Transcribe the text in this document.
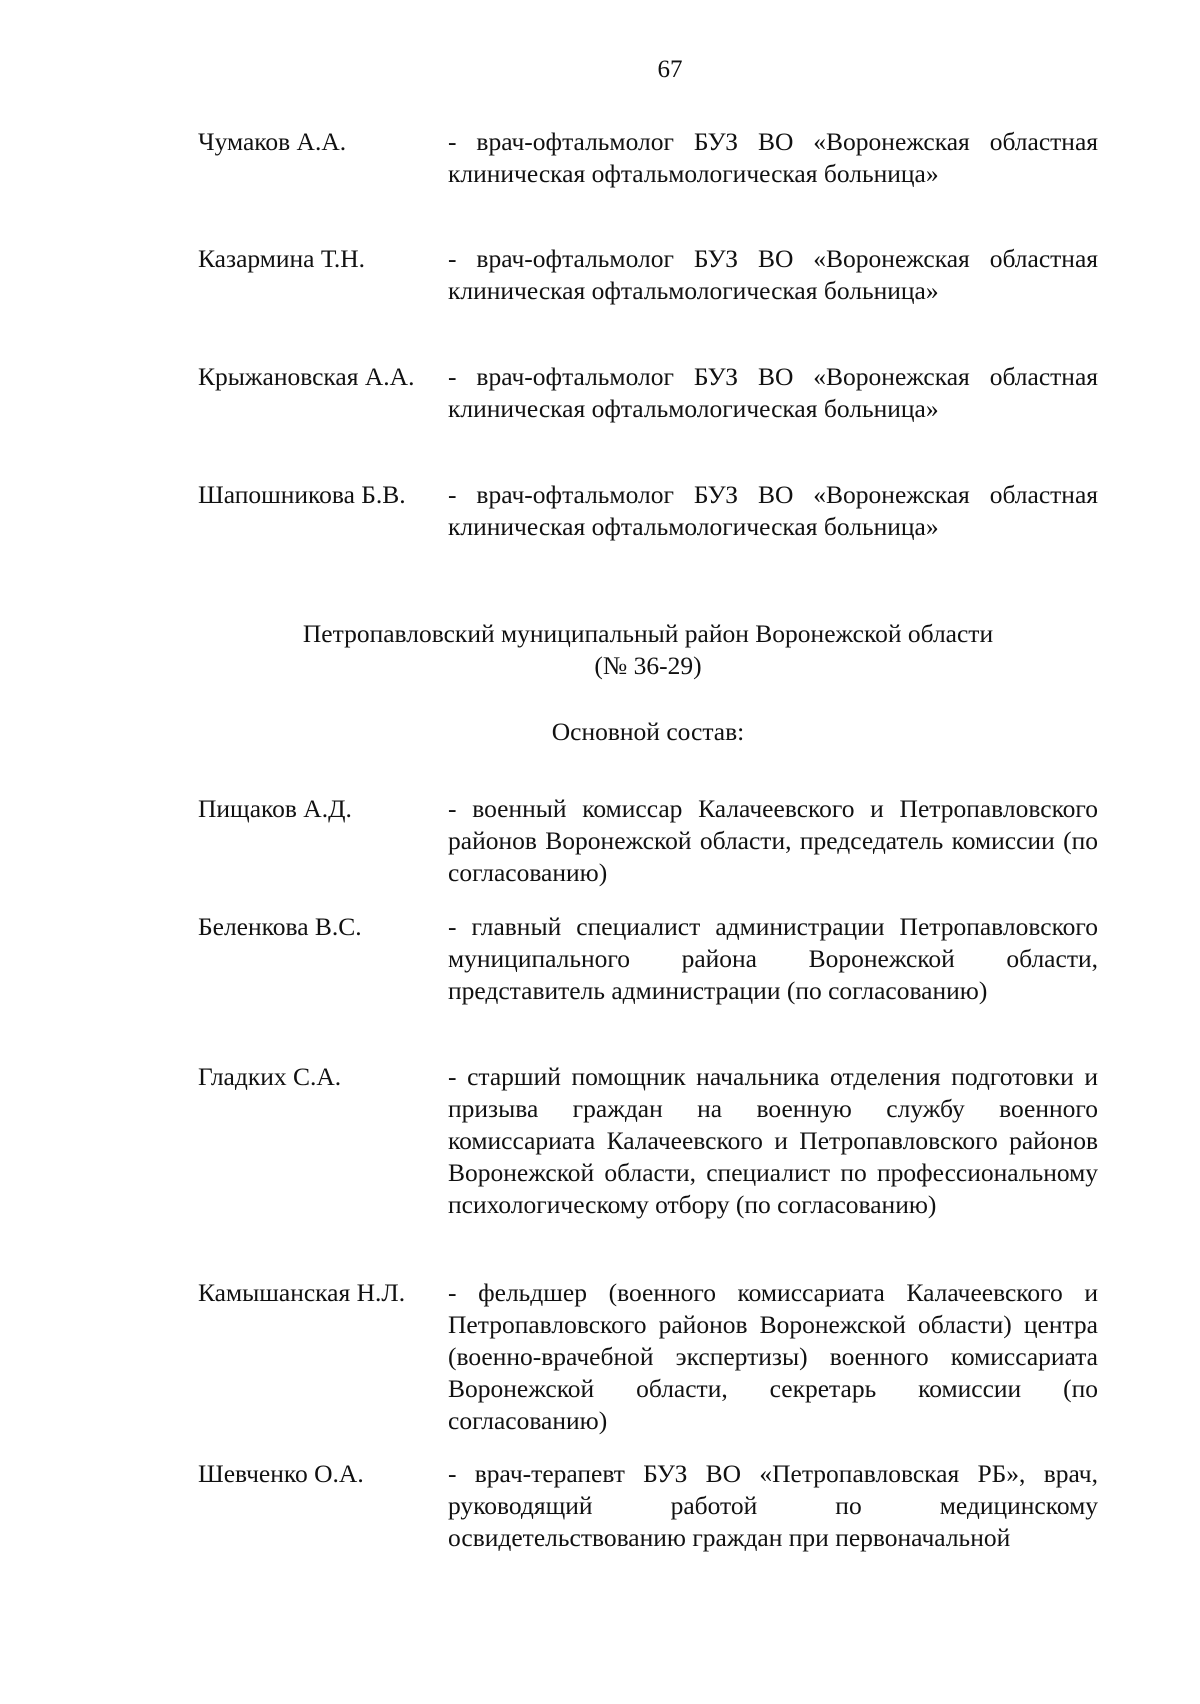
67
Чумаков А.А.	- врач-офтальмолог БУЗ ВО «Воронежская областная клиническая офтальмологическая больница»
Казармина Т.Н.	- врач-офтальмолог БУЗ ВО «Воронежская областная клиническая офтальмологическая больница»
Крыжановская А.А.	- врач-офтальмолог БУЗ ВО «Воронежская областная клиническая офтальмологическая больница»
Шапошникова Б.В.	- врач-офтальмолог БУЗ ВО «Воронежская областная клиническая офтальмологическая больница»
Петропавловский муниципальный район Воронежской области
(№ 36-29)
Основной состав:
Пищаков А.Д.	- военный комиссар Калачеевского и Петропавловского районов Воронежской области, председатель комиссии (по согласованию)
Беленкова В.С.	- главный специалист администрации Петропавловского муниципального района Воронежской области, представитель администрации (по согласованию)
Гладких С.А.	- старший помощник начальника отделения подготовки и призыва граждан на военную службу военного комиссариата Калачеевского и Петропавловского районов Воронежской области, специалист по профессиональному психологическому отбору (по согласованию)
Камышанская Н.Л.	- фельдшер (военного комиссариата Калачеевского и Петропавловского районов Воронежской области) центра (военно-врачебной экспертизы) военного комиссариата Воронежской области, секретарь комиссии (по согласованию)
Шевченко О.А.	- врач-терапевт БУЗ ВО «Петропавловская РБ», врач, руководящий работой по медицинскому освидетельствованию граждан при первоначальной
